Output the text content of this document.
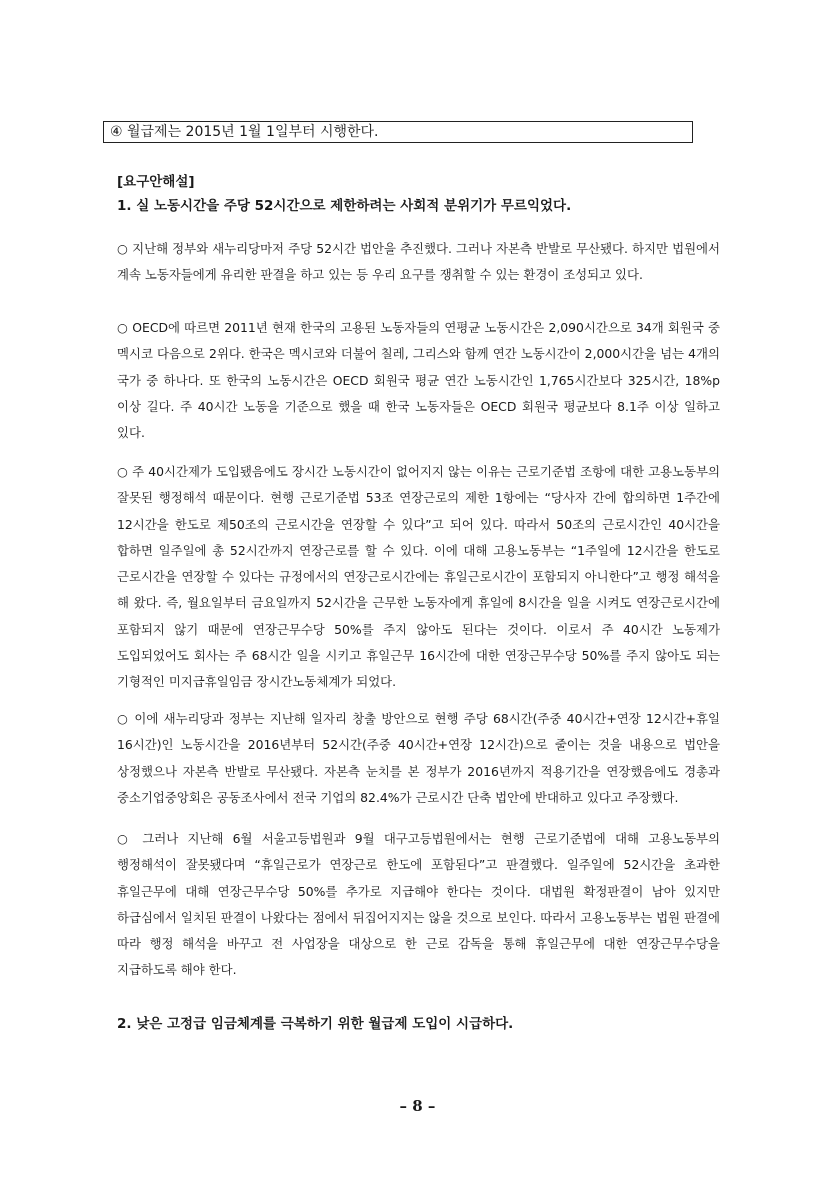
④ 월급제는 2015년 1월 1일부터 시행한다.
[요구안해설]
1. 실 노동시간을 주당 52시간으로 제한하려는 사회적 분위기가 무르익었다.

○ 지난해 정부와 새누리당마저 주당 52시간 법안을 추진했다. 그러나 자본측 반발로 무산됐다. 하지만 법원에서 계속 노동자들에게 유리한 판결을 하고 있는 등 우리 요구를 쟁취할 수 있는 환경이 조성되고 있다.

○ OECD에 따르면 2011년 현재 한국의 고용된 노동자들의 연평균 노동시간은 2,090시간으로 34개 회원국 중 멕시코 다음으로 2위다. 한국은 멕시코와 더불어 칠레, 그리스와 함께 연간 노동시간이 2,000시간을 넘는 4개의 국가 중 하나다. 또 한국의 노동시간은 OECD 회원국 평균 연간 노동시간인 1,765시간보다 325시간, 18%p 이상 길다. 주 40시간 노동을 기준으로 했을 때 한국 노동자들은 OECD 회원국 평균보다 8.1주 이상 일하고 있다.

○ 주 40시간제가 도입됐음에도 장시간 노동시간이 없어지지 않는 이유는 근로기준법 조항에 대한 고용노동부의 잘못된 행정해석 때문이다. 현행 근로기준법 53조 연장근로의 제한 1항에는 “당사자 간에 합의하면 1주간에 12시간을 한도로 제50조의 근로시간을 연장할 수 있다”고 되어 있다. 따라서 50조의 근로시간인 40시간을 합하면 일주일에 총 52시간까지 연장근로를 할 수 있다. 이에 대해 고용노동부는 “1주일에 12시간을 한도로 근로시간을 연장할 수 있다는 규정에서의 연장근로시간에는 휴일근로시간이 포함되지 아니한다”고 행정 해석을 해 왔다. 즉, 월요일부터 금요일까지 52시간을 근무한 노동자에게 휴일에 8시간을 일을 시켜도 연장근로시간에 포함되지 않기 때문에 연장근무수당 50%를 주지 않아도 된다는 것이다. 이로서 주 40시간 노동제가 도입되었어도 회사는 주 68시간 일을 시키고 휴일근무 16시간에 대한 연장근무수당 50%를 주지 않아도 되는 기형적인 미지급휴일임금 장시간노동체계가 되었다.

○ 이에 새누리당과 정부는 지난해 일자리 창출 방안으로 현행 주당 68시간(주중 40시간+연장 12시간+휴일 16시간)인 노동시간을 2016년부터 52시간(주중 40시간+연장 12시간)으로 줄이는 것을 내용으로 법안을 상정했으나 자본측 반발로 무산됐다. 자본측 눈치를 본 정부가 2016년까지 적용기간을 연장했음에도 경총과 중소기업중앙회은 공동조사에서 전국 기업의 82.4%가 근로시간 단축 법안에 반대하고 있다고 주장했다.

○ 그러나 지난해 6월 서울고등법원과 9월 대구고등법원에서는 현행 근로기준법에 대해 고용노동부의 행정해석이 잘못됐다며 “휴일근로가 연장근로 한도에 포함된다”고 판결했다. 일주일에 52시간을 초과한 휴일근무에 대해 연장근무수당 50%를 추가로 지급해야 한다는 것이다. 대법원 확정판결이 남아 있지만 하급심에서 일치된 판결이 나왔다는 점에서 뒤집어지지는 않을 것으로 보인다. 따라서 고용노동부는 법원 판결에 따라 행정 해석을 바꾸고 전 사업장을 대상으로 한 근로 감독을 통해 휴일근무에 대한 연장근무수당을 지급하도록 해야 한다.

2. 낮은 고정급 임금체계를 극복하기 위한 월급제 도입이 시급하다.
– 8 –
